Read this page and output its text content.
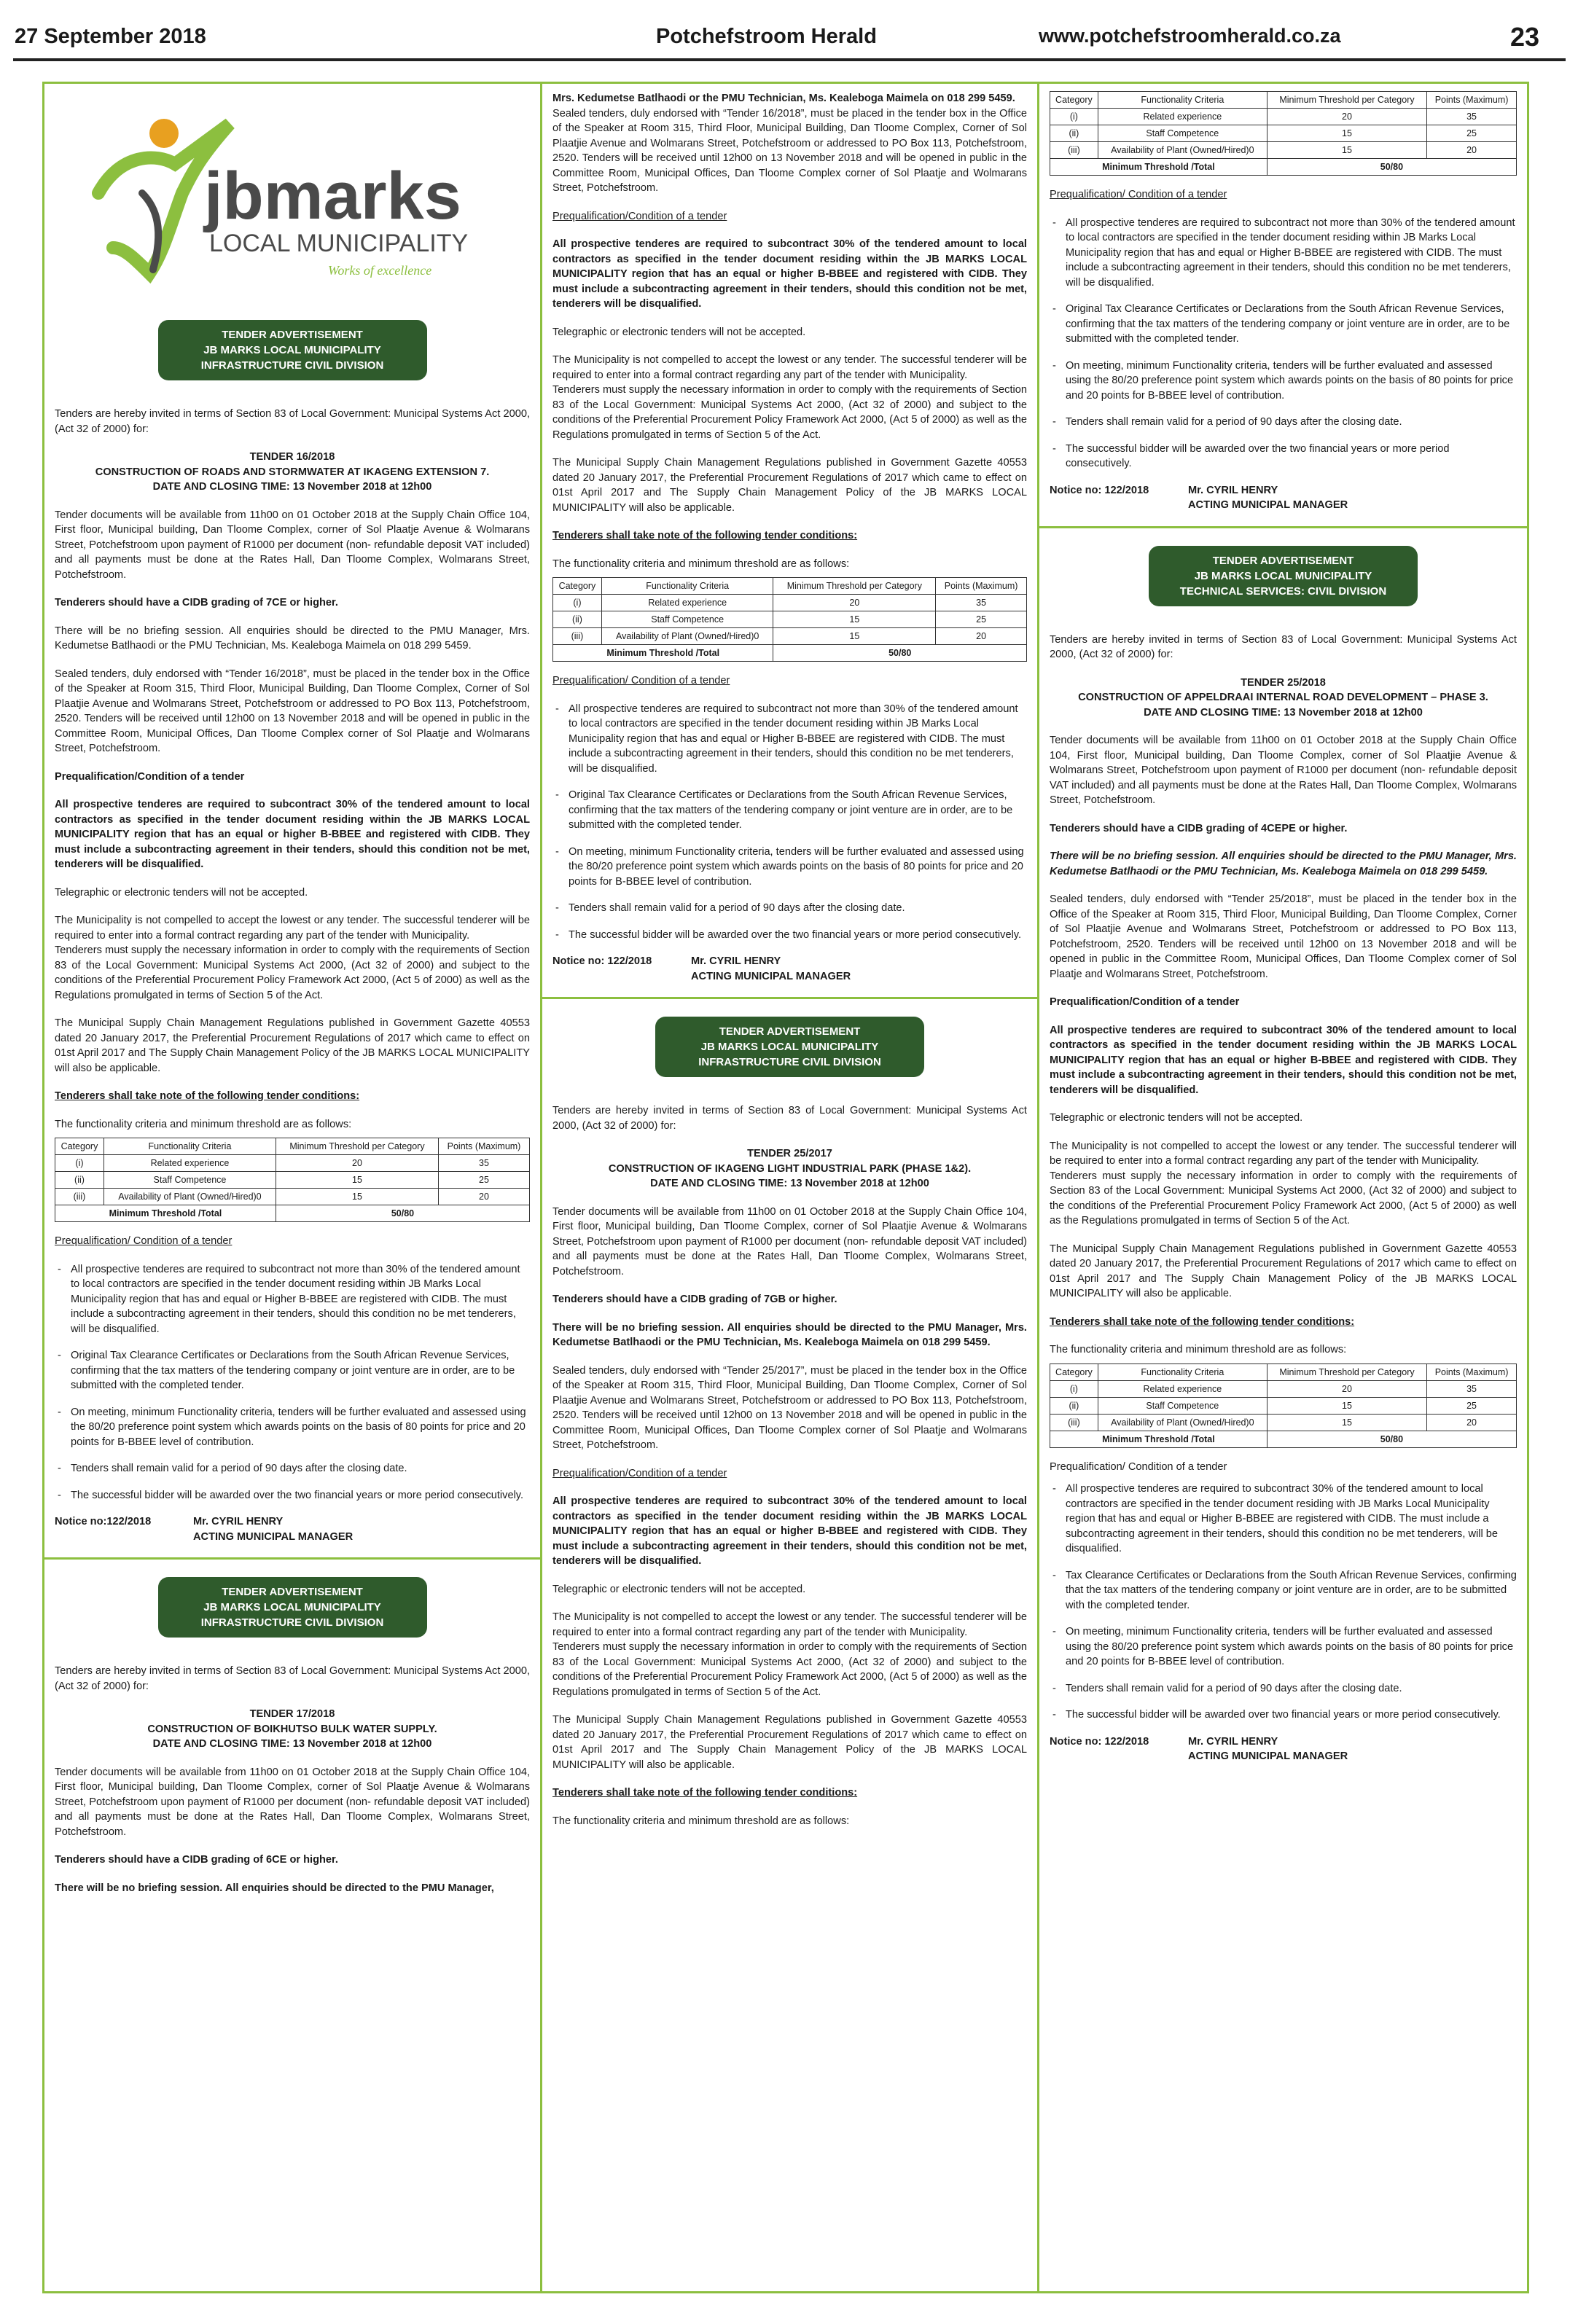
27 September 2018	Potchefstroom Herald	www.potchefstroomherald.co.za	23
jbmarks
LOCAL MUNICIPALITY
Works of excellence
TENDER ADVERTISEMENT
JB MARKS LOCAL MUNICIPALITY
INFRASTRUCTURE CIVIL DIVISION

Tenders are hereby invited in terms of Section 83 of Local Government: Municipal Systems Act 2000, (Act 32 of 2000) for:

TENDER 16/2018

CONSTRUCTION OF ROADS AND STORMWATER AT IKAGENG EXTENSION 7.

DATE AND CLOSING TIME: 13 November 2018 at 12h00

Tender documents will be available from 11h00 on 01 October 2018 at the Supply Chain Office 104, First floor, Municipal building, Dan Tloome Complex, corner of Sol Plaatje Avenue & Wolmarans Street, Potchefstroom upon payment of R1000 per document (non- refundable deposit VAT included) and all payments must be done at the Rates Hall, Dan Tloome Complex, Wolmarans Street, Potchefstroom.

Tenderers should have a CIDB grading of 7CE or higher.

There will be no briefing session. All enquiries should be directed to the PMU Manager, Mrs. Kedumetse Batlhaodi or the PMU Technician, Ms. Kealeboga Maimela on 018 299 5459.

Sealed tenders, duly endorsed with “Tender 16/2018”, must be placed in the tender box in the Office of the Speaker at Room 315, Third Floor, Municipal Building, Dan Tloome Complex, Corner of Sol Plaatjie Avenue and Wolmarans Street, Potchefstroom or addressed to PO Box 113, Potchefstroom, 2520. Tenders will be received until 12h00 on 13 November 2018 and will be opened in public in the Committee Room, Municipal Offices, Dan Tloome Complex corner of Sol Plaatje and Wolmarans Street, Potchefstroom.

Prequalification/Condition of a tender

All prospective tenderes are required to subcontract 30% of the tendered amount to local contractors as specified in the tender document residing within the JB MARKS LOCAL MUNICIPALITY region that has an equal or higher B-BBEE and registered with CIDB. They must include a subcontracting agreement in their tenders, should this condition not be met, tenderers will be disqualified.

Telegraphic or electronic tenders will not be accepted.

The Municipality is not compelled to accept the lowest or any tender. The successful tenderer will be required to enter into a formal contract regarding any part of the tender with Municipality.

Tenderers must supply the necessary information in order to comply with the requirements of Section 83 of the Local Government: Municipal Systems Act 2000, (Act 32 of 2000) and subject to the conditions of the Preferential Procurement Policy Framework Act 2000, (Act 5 of 2000) as well as the Regulations promulgated in terms of Section 5 of the Act.

The Municipal Supply Chain Management Regulations published in Government Gazette 40553 dated 20 January 2017, the Preferential Procurement Regulations of 2017 which came to effect on 01st April 2017 and The Supply Chain Management Policy of the JB MARKS LOCAL MUNICIPALITY will also be applicable.

Tenderers shall take note of the following tender conditions:

The functionality criteria and minimum threshold are as follows:

Category	Functionality Criteria	Minimum Threshold per Category	Points (Maximum)
(i)	Related experience	20	35
(ii)	Staff Competence	15	25
(iii)	Availability of Plant (Owned/Hired)0	15	20
Minimum Threshold /Total		50/80	

Prequalification/ Condition of a tender

- All prospective tenderes are required to subcontract not more than 30% of the tendered amount to local contractors are specified in the tender document residing within JB Marks Local Municipality region that has and equal or Higher B-BBEE are registered with CIDB. The must include a subcontracting agreement in their tenders, should this condition no be met tenderers, will be disqualified.
- Original Tax Clearance Certificates or Declarations from the South African Revenue Services, confirming that the tax matters of the tendering company or joint venture are in order, are to be submitted with the completed tender.
- On meeting, minimum Functionality criteria, tenders will be further evaluated and assessed using the 80/20 preference point system which awards points on the basis of 80 points for price and 20 points for B-BBEE level of contribution.
- Tenders shall remain valid for a period of 90 days after the closing date.
- The successful bidder will be awarded over the two financial years or more period consecutively.
Notice no:122/2018	Mr. CYRIL HENRY
ACTING MUNICIPAL MANAGER
TENDER ADVERTISEMENT
JB MARKS LOCAL MUNICIPALITY
INFRASTRUCTURE CIVIL DIVISION

Tenders are hereby invited in terms of Section 83 of Local Government: Municipal Systems Act 2000, (Act 32 of 2000) for:

TENDER 17/2018

CONSTRUCTION OF BOIKHUTSO BULK WATER SUPPLY.

DATE AND CLOSING TIME: 13 November 2018 at 12h00

Tender documents will be available from 11h00 on 01 October 2018 at the Supply Chain Office 104, First floor, Municipal building, Dan Tloome Complex, corner of Sol Plaatje Avenue & Wolmarans Street, Potchefstroom upon payment of R1000 per document (non- refundable deposit VAT included) and all payments must be done at the Rates Hall, Dan Tloome Complex, Wolmarans Street, Potchefstroom.

Tenderers should have a CIDB grading of 6CE or higher.

There will be no briefing session. All enquiries should be directed to the PMU Manager,

Mrs. Kedumetse Batlhaodi or the PMU Technician, Ms. Kealeboga Maimela on 018 299 5459.

Sealed tenders, duly endorsed with “Tender 16/2018”, must be placed in the tender box in the Office of the Speaker at Room 315, Third Floor, Municipal Building, Dan Tloome Complex, Corner of Sol Plaatjie Avenue and Wolmarans Street, Potchefstroom or addressed to PO Box 113, Potchefstroom, 2520. Tenders will be received until 12h00 on 13 November 2018 and will be opened in public in the Committee Room, Municipal Offices, Dan Tloome Complex corner of Sol Plaatje and Wolmarans Street, Potchefstroom.

Prequalification/Condition of a tender

All prospective tenderes are required to subcontract 30% of the tendered amount to local contractors as specified in the tender document residing within the JB MARKS LOCAL MUNICIPALITY region that has an equal or higher B-BBEE and registered with CIDB. They must include a subcontracting agreement in their tenders, should this condition not be met, tenderers will be disqualified.

Telegraphic or electronic tenders will not be accepted.

The Municipality is not compelled to accept the lowest or any tender. The successful tenderer will be required to enter into a formal contract regarding any part of the tender with Municipality.

Tenderers must supply the necessary information in order to comply with the requirements of Section 83 of the Local Government: Municipal Systems Act 2000, (Act 32 of 2000) and subject to the conditions of the Preferential Procurement Policy Framework Act 2000, (Act 5 of 2000) as well as the Regulations promulgated in terms of Section 5 of the Act.

The Municipal Supply Chain Management Regulations published in Government Gazette 40553 dated 20 January 2017, the Preferential Procurement Regulations of 2017 which came to effect on 01st April 2017 and The Supply Chain Management Policy of the JB MARKS LOCAL MUNICIPALITY will also be applicable.

Tenderers shall take note of the following tender conditions:

The functionality criteria and minimum threshold are as follows:

Category	Functionality Criteria	Minimum Threshold per Category	Points (Maximum)
(i)	Related experience	20	35
(ii)	Staff Competence	15	25
(iii)	Availability of Plant (Owned/Hired)0	15	20
Minimum Threshold /Total		50/80	

Prequalification/ Condition of a tender

- All prospective tenderes are required to subcontract not more than 30% of the tendered amount to local contractors are specified in the tender document residing within JB Marks Local Municipality region that has and equal or Higher B-BBEE are registered with CIDB. The must include a subcontracting agreement in their tenders, should this condition no be met tenderers, will be disqualified.
- Original Tax Clearance Certificates or Declarations from the South African Revenue Services, confirming that the tax matters of the tendering company or joint venture are in order, are to be submitted with the completed tender.
- On meeting, minimum Functionality criteria, tenders will be further evaluated and assessed using the 80/20 preference point system which awards points on the basis of 80 points for price and 20 points for B-BBEE level of contribution.
- Tenders shall remain valid for a period of 90 days after the closing date.
- The successful bidder will be awarded over the two financial years or more period consecutively.
Notice no: 122/2018	Mr. CYRIL HENRY
ACTING MUNICIPAL MANAGER
TENDER ADVERTISEMENT
JB MARKS LOCAL MUNICIPALITY
INFRASTRUCTURE CIVIL DIVISION

Tenders are hereby invited in terms of Section 83 of Local Government: Municipal Systems Act 2000, (Act 32 of 2000) for:

TENDER 25/2017

CONSTRUCTION OF IKAGENG LIGHT INDUSTRIAL PARK (PHASE 1&2).

DATE AND CLOSING TIME: 13 November 2018 at 12h00

Tender documents will be available from 11h00 on 01 October 2018 at the Supply Chain Office 104, First floor, Municipal building, Dan Tloome Complex, corner of Sol Plaatjie Avenue & Wolmarans Street, Potchefstroom upon payment of R1000 per document (non- refundable deposit VAT included) and all payments must be done at the Rates Hall, Dan Tloome Complex, Wolmarans Street, Potchefstroom.

Tenderers should have a CIDB grading of 7GB or higher.

There will be no briefing session. All enquiries should be directed to the PMU Manager, Mrs. Kedumetse Batlhaodi or the PMU Technician, Ms. Kealeboga Maimela on 018 299 5459.

Sealed tenders, duly endorsed with “Tender 25/2017”, must be placed in the tender box in the Office of the Speaker at Room 315, Third Floor, Municipal Building, Dan Tloome Complex, Corner of Sol Plaatjie Avenue and Wolmarans Street, Potchefstroom or addressed to PO Box 113, Potchefstroom, 2520. Tenders will be received until 12h00 on 13 November 2018 and will be opened in public in the Committee Room, Municipal Offices, Dan Tloome Complex corner of Sol Plaatje and Wolmarans Street, Potchefstroom.

Prequalification/Condition of a tender

All prospective tenderes are required to subcontract 30% of the tendered amount to local contractors as specified in the tender document residing within the JB MARKS LOCAL MUNICIPALITY region that has an equal or higher B-BBEE and registered with CIDB. They must include a subcontracting agreement in their tenders, should this condition not be met, tenderers will be disqualified.

Telegraphic or electronic tenders will not be accepted.

The Municipality is not compelled to accept the lowest or any tender. The successful tenderer will be required to enter into a formal contract regarding any part of the tender with Municipality.

Tenderers must supply the necessary information in order to comply with the requirements of Section 83 of the Local Government: Municipal Systems Act 2000, (Act 32 of 2000) and subject to the conditions of the Preferential Procurement Policy Framework Act 2000, (Act 5 of 2000) as well as the Regulations promulgated in terms of Section 5 of the Act.

The Municipal Supply Chain Management Regulations published in Government Gazette 40553 dated 20 January 2017, the Preferential Procurement Regulations of 2017 which came to effect on 01st April 2017 and The Supply Chain Management Policy of the JB MARKS LOCAL MUNICIPALITY will also be applicable.

Tenderers shall take note of the following tender conditions:

The functionality criteria and minimum threshold are as follows:

Category	Functionality Criteria	Minimum Threshold per Category	Points (Maximum)
(i)	Related experience	20	35
(ii)	Staff Competence	15	25
(iii)	Availability of Plant (Owned/Hired)0	15	20
Minimum Threshold /Total		50/80	

Prequalification/ Condition of a tender

- All prospective tenderes are required to subcontract not more than 30% of the tendered amount to local contractors are specified in the tender document residing within JB Marks Local Municipality region that has and equal or Higher B-BBEE are registered with CIDB. The must include a subcontracting agreement in their tenders, should this condition no be met tenderers, will be disqualified.
- Original Tax Clearance Certificates or Declarations from the South African Revenue Services, confirming that the tax matters of the tendering company or joint venture are in order, are to be submitted with the completed tender.
- On meeting, minimum Functionality criteria, tenders will be further evaluated and assessed using the 80/20 preference point system which awards points on the basis of 80 points for price and 20 points for B-BBEE level of contribution.
- Tenders shall remain valid for a period of 90 days after the closing date.
- The successful bidder will be awarded over the two financial years or more period consecutively.
Notice no: 122/2018	Mr. CYRIL HENRY
ACTING MUNICIPAL MANAGER
TENDER ADVERTISEMENT
JB MARKS LOCAL MUNICIPALITY
TECHNICAL SERVICES: CIVIL DIVISION

Tenders are hereby invited in terms of Section 83 of Local Government: Municipal Systems Act 2000, (Act 32 of 2000) for:

TENDER 25/2018

CONSTRUCTION OF APPELDRAAI INTERNAL ROAD DEVELOPMENT – PHASE 3.

DATE AND CLOSING TIME: 13 November 2018 at 12h00

Tender documents will be available from 11h00 on 01 October 2018 at the Supply Chain Office 104, First floor, Municipal building, Dan Tloome Complex, corner of Sol Plaatjie Avenue & Wolmarans Street, Potchefstroom upon payment of R1000 per document (non- refundable deposit VAT included) and all payments must be done at the Rates Hall, Dan Tloome Complex, Wolmarans Street, Potchefstroom.

Tenderers should have a CIDB grading of 4CEPE or higher.

There will be no briefing session. All enquiries should be directed to the PMU Manager, Mrs. Kedumetse Batlhaodi or the PMU Technician, Ms. Kealeboga Maimela on 018 299 5459.

Sealed tenders, duly endorsed with “Tender 25/2018”, must be placed in the tender box in the Office of the Speaker at Room 315, Third Floor, Municipal Building, Dan Tloome Complex, Corner of Sol Plaatjie Avenue and Wolmarans Street, Potchefstroom or addressed to PO Box 113, Potchefstroom, 2520. Tenders will be received until 12h00 on 13 November 2018 and will be opened in public in the Committee Room, Municipal Offices, Dan Tloome Complex corner of Sol Plaatje and Wolmarans Street, Potchefstroom.

Prequalification/Condition of a tender

All prospective tenderes are required to subcontract 30% of the tendered amount to local contractors as specified in the tender document residing within the JB MARKS LOCAL MUNICIPALITY region that has an equal or higher B-BBEE and registered with CIDB. They must include a subcontracting agreement in their tenders, should this condition not be met, tenderers will be disqualified.

Telegraphic or electronic tenders will not be accepted.

The Municipality is not compelled to accept the lowest or any tender. The successful tenderer will be required to enter into a formal contract regarding any part of the tender with Municipality.

Tenderers must supply the necessary information in order to comply with the requirements of Section 83 of the Local Government: Municipal Systems Act 2000, (Act 32 of 2000) and subject to the conditions of the Preferential Procurement Policy Framework Act 2000, (Act 5 of 2000) as well as the Regulations promulgated in terms of Section 5 of the Act.

The Municipal Supply Chain Management Regulations published in Government Gazette 40553 dated 20 January 2017, the Preferential Procurement Regulations of 2017 which came to effect on 01st April 2017 and The Supply Chain Management Policy of the JB MARKS LOCAL MUNICIPALITY will also be applicable.

Tenderers shall take note of the following tender conditions:

The functionality criteria and minimum threshold are as follows:

Category	Functionality Criteria	Minimum Threshold per Category	Points (Maximum)
(i)	Related experience	20	35
(ii)	Staff Competence	15	25
(iii)	Availability of Plant (Owned/Hired)0	15	20
Minimum Threshold /Total		50/80	

Prequalification/ Condition of a tender

- All prospective tenderes are required to subcontract 30% of the tendered amount to local contractors are specified in the tender document residing with JB Marks Local Municipality region that has and equal or Higher B-BBEE are registered with CIDB. The must include a subcontracting agreement in their tenders, should this condition no be met tenderers, will be disqualified.
- Tax Clearance Certificates or Declarations from the South African Revenue Services, confirming that the tax matters of the tendering company or joint venture are in order, are to be submitted with the completed tender.
- On meeting, minimum Functionality criteria, tenders will be further evaluated and assessed using the 80/20 preference point system which awards points on the basis of 80 points for price and 20 points for B-BBEE level of contribution.
- Tenders shall remain valid for a period of 90 days after the closing date.
- The successful bidder will be awarded over two financial years or more period consecutively.
Notice no: 122/2018	Mr. CYRIL HENRY
ACTING MUNICIPAL MANAGER
